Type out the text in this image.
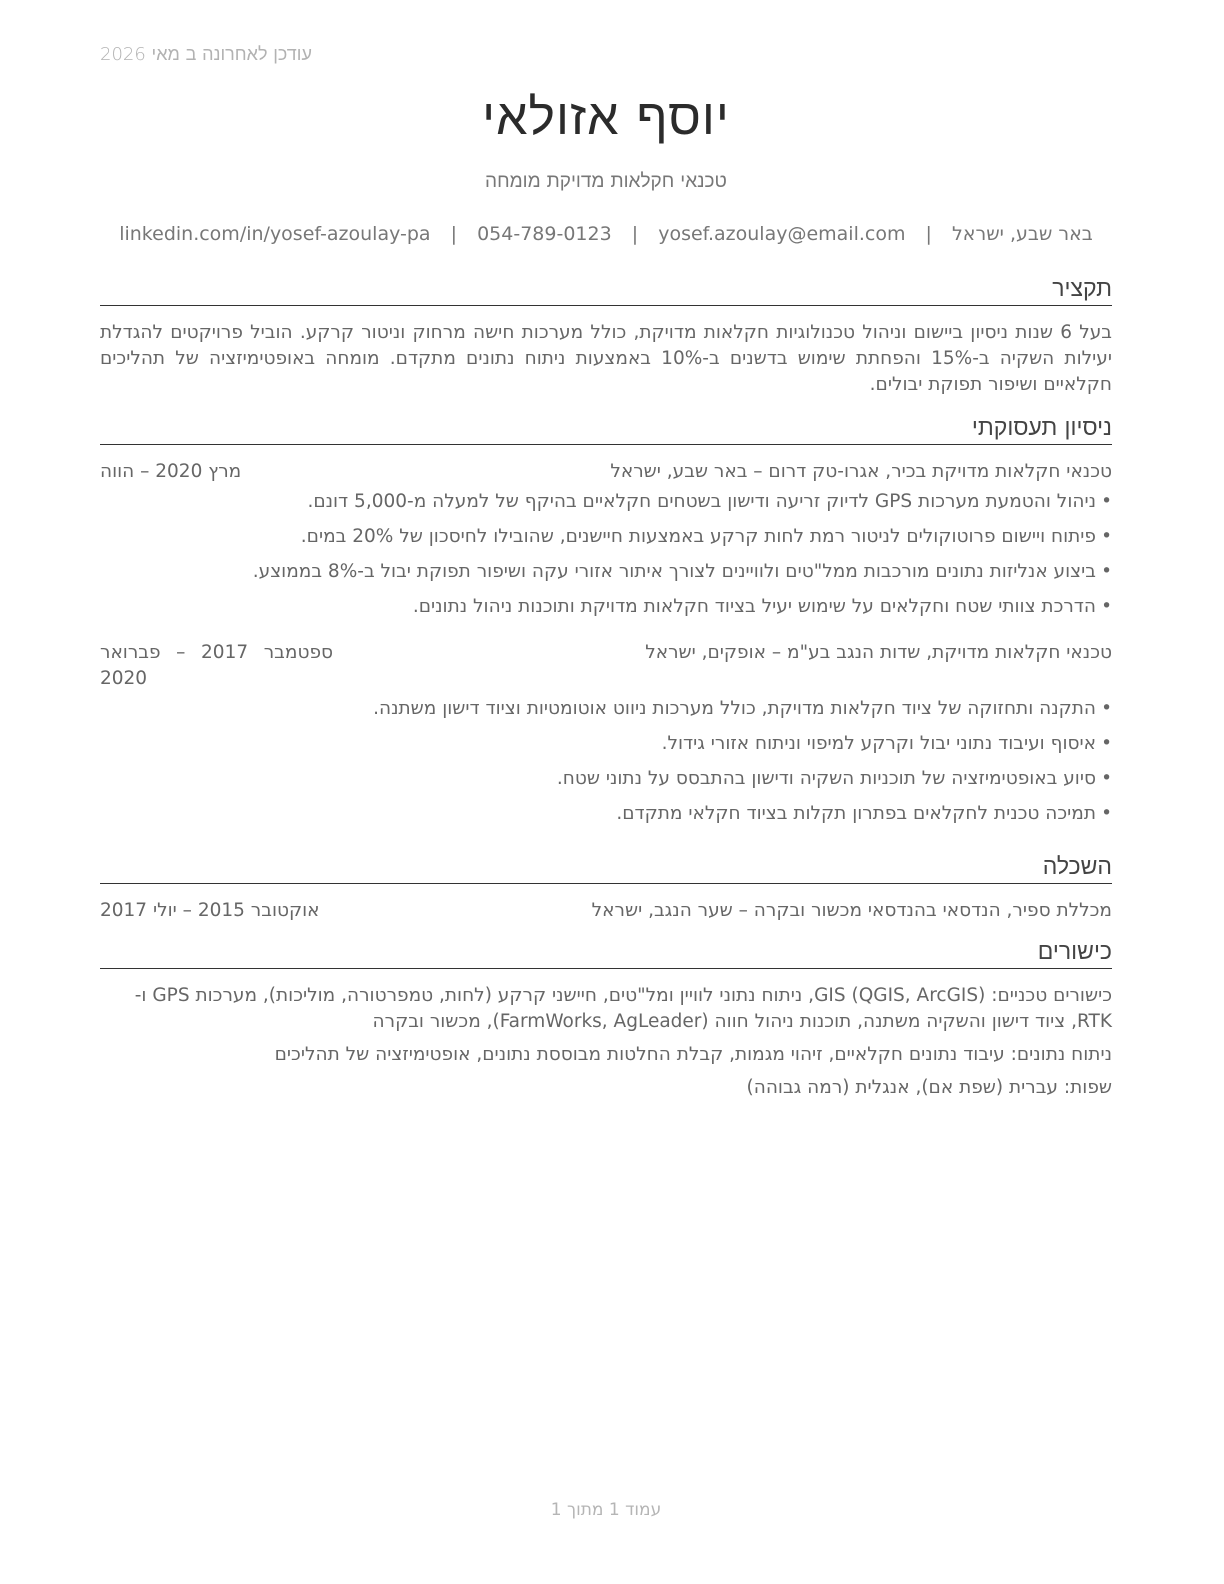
עודכן לאחרונה ב מאי 2026
יוסף אזולאי
טכנאי חקלאות מדויקת מומחה
באר שבע, ישראל | yosef.azoulay@email.com | 054-789-0123 | linkedin.com/in/yosef-azoulay-pa
תקציר
בעל 6 שנות ניסיון ביישום וניהול טכנולוגיות חקלאות מדויקת, כולל מערכות חישה מרחוק וניטור קרקע. הוביל פרויקטים להגדלת יעילות השקיה ב-15% והפחתת שימוש בדשנים ב-10% באמצעות ניתוח נתונים מתקדם. מומחה באופטימיזציה של תהליכים חקלאיים ושיפור תפוקת יבולים.
ניסיון תעסוקתי
טכנאי חקלאות מדויקת בכיר, אגרו-טק דרום – באר שבע, ישראל
מרץ 2020 – הווה
• ניהול והטמעת מערכות GPS לדיוק זריעה ודישון בשטחים חקלאיים בהיקף של למעלה מ-5,000 דונם.
• פיתוח ויישום פרוטוקולים לניטור רמת לחות קרקע באמצעות חיישנים, שהובילו לחיסכון של 20% במים.
• ביצוע אנליזות נתונים מורכבות ממל"טים ולוויינים לצורך איתור אזורי עקה ושיפור תפוקת יבול ב-8% בממוצע.
• הדרכת צוותי שטח וחקלאים על שימוש יעיל בציוד חקלאות מדויקת ותוכנות ניהול נתונים.
טכנאי חקלאות מדויקת, שדות הנגב בע"מ – אופקים, ישראל
ספטמבר 2017 – פברואר 2020
• התקנה ותחזוקה של ציוד חקלאות מדויקת, כולל מערכות ניווט אוטומטיות וציוד דישון משתנה.
• איסוף ועיבוד נתוני יבול וקרקע למיפוי וניתוח אזורי גידול.
• סיוע באופטימיזציה של תוכניות השקיה ודישון בהתבסס על נתוני שטח.
• תמיכה טכנית לחקלאים בפתרון תקלות בציוד חקלאי מתקדם.
השכלה
מכללת ספיר, הנדסאי בהנדסאי מכשור ובקרה – שער הנגב, ישראל
אוקטובר 2015 – יולי 2017
כישורים
כישורים טכניים: GIS (QGIS, ArcGIS), ניתוח נתוני לוויין ומל"טים, חיישני קרקע (לחות, טמפרטורה, מוליכות), מערכות GPS ו-RTK, ציוד דישון והשקיה משתנה, תוכנות ניהול חווה (FarmWorks, AgLeader), מכשור ובקרה
ניתוח נתונים: עיבוד נתונים חקלאיים, זיהוי מגמות, קבלת החלטות מבוססת נתונים, אופטימיזציה של תהליכים
שפות: עברית (שפת אם), אנגלית (רמה גבוהה)
עמוד 1 מתוך 1
